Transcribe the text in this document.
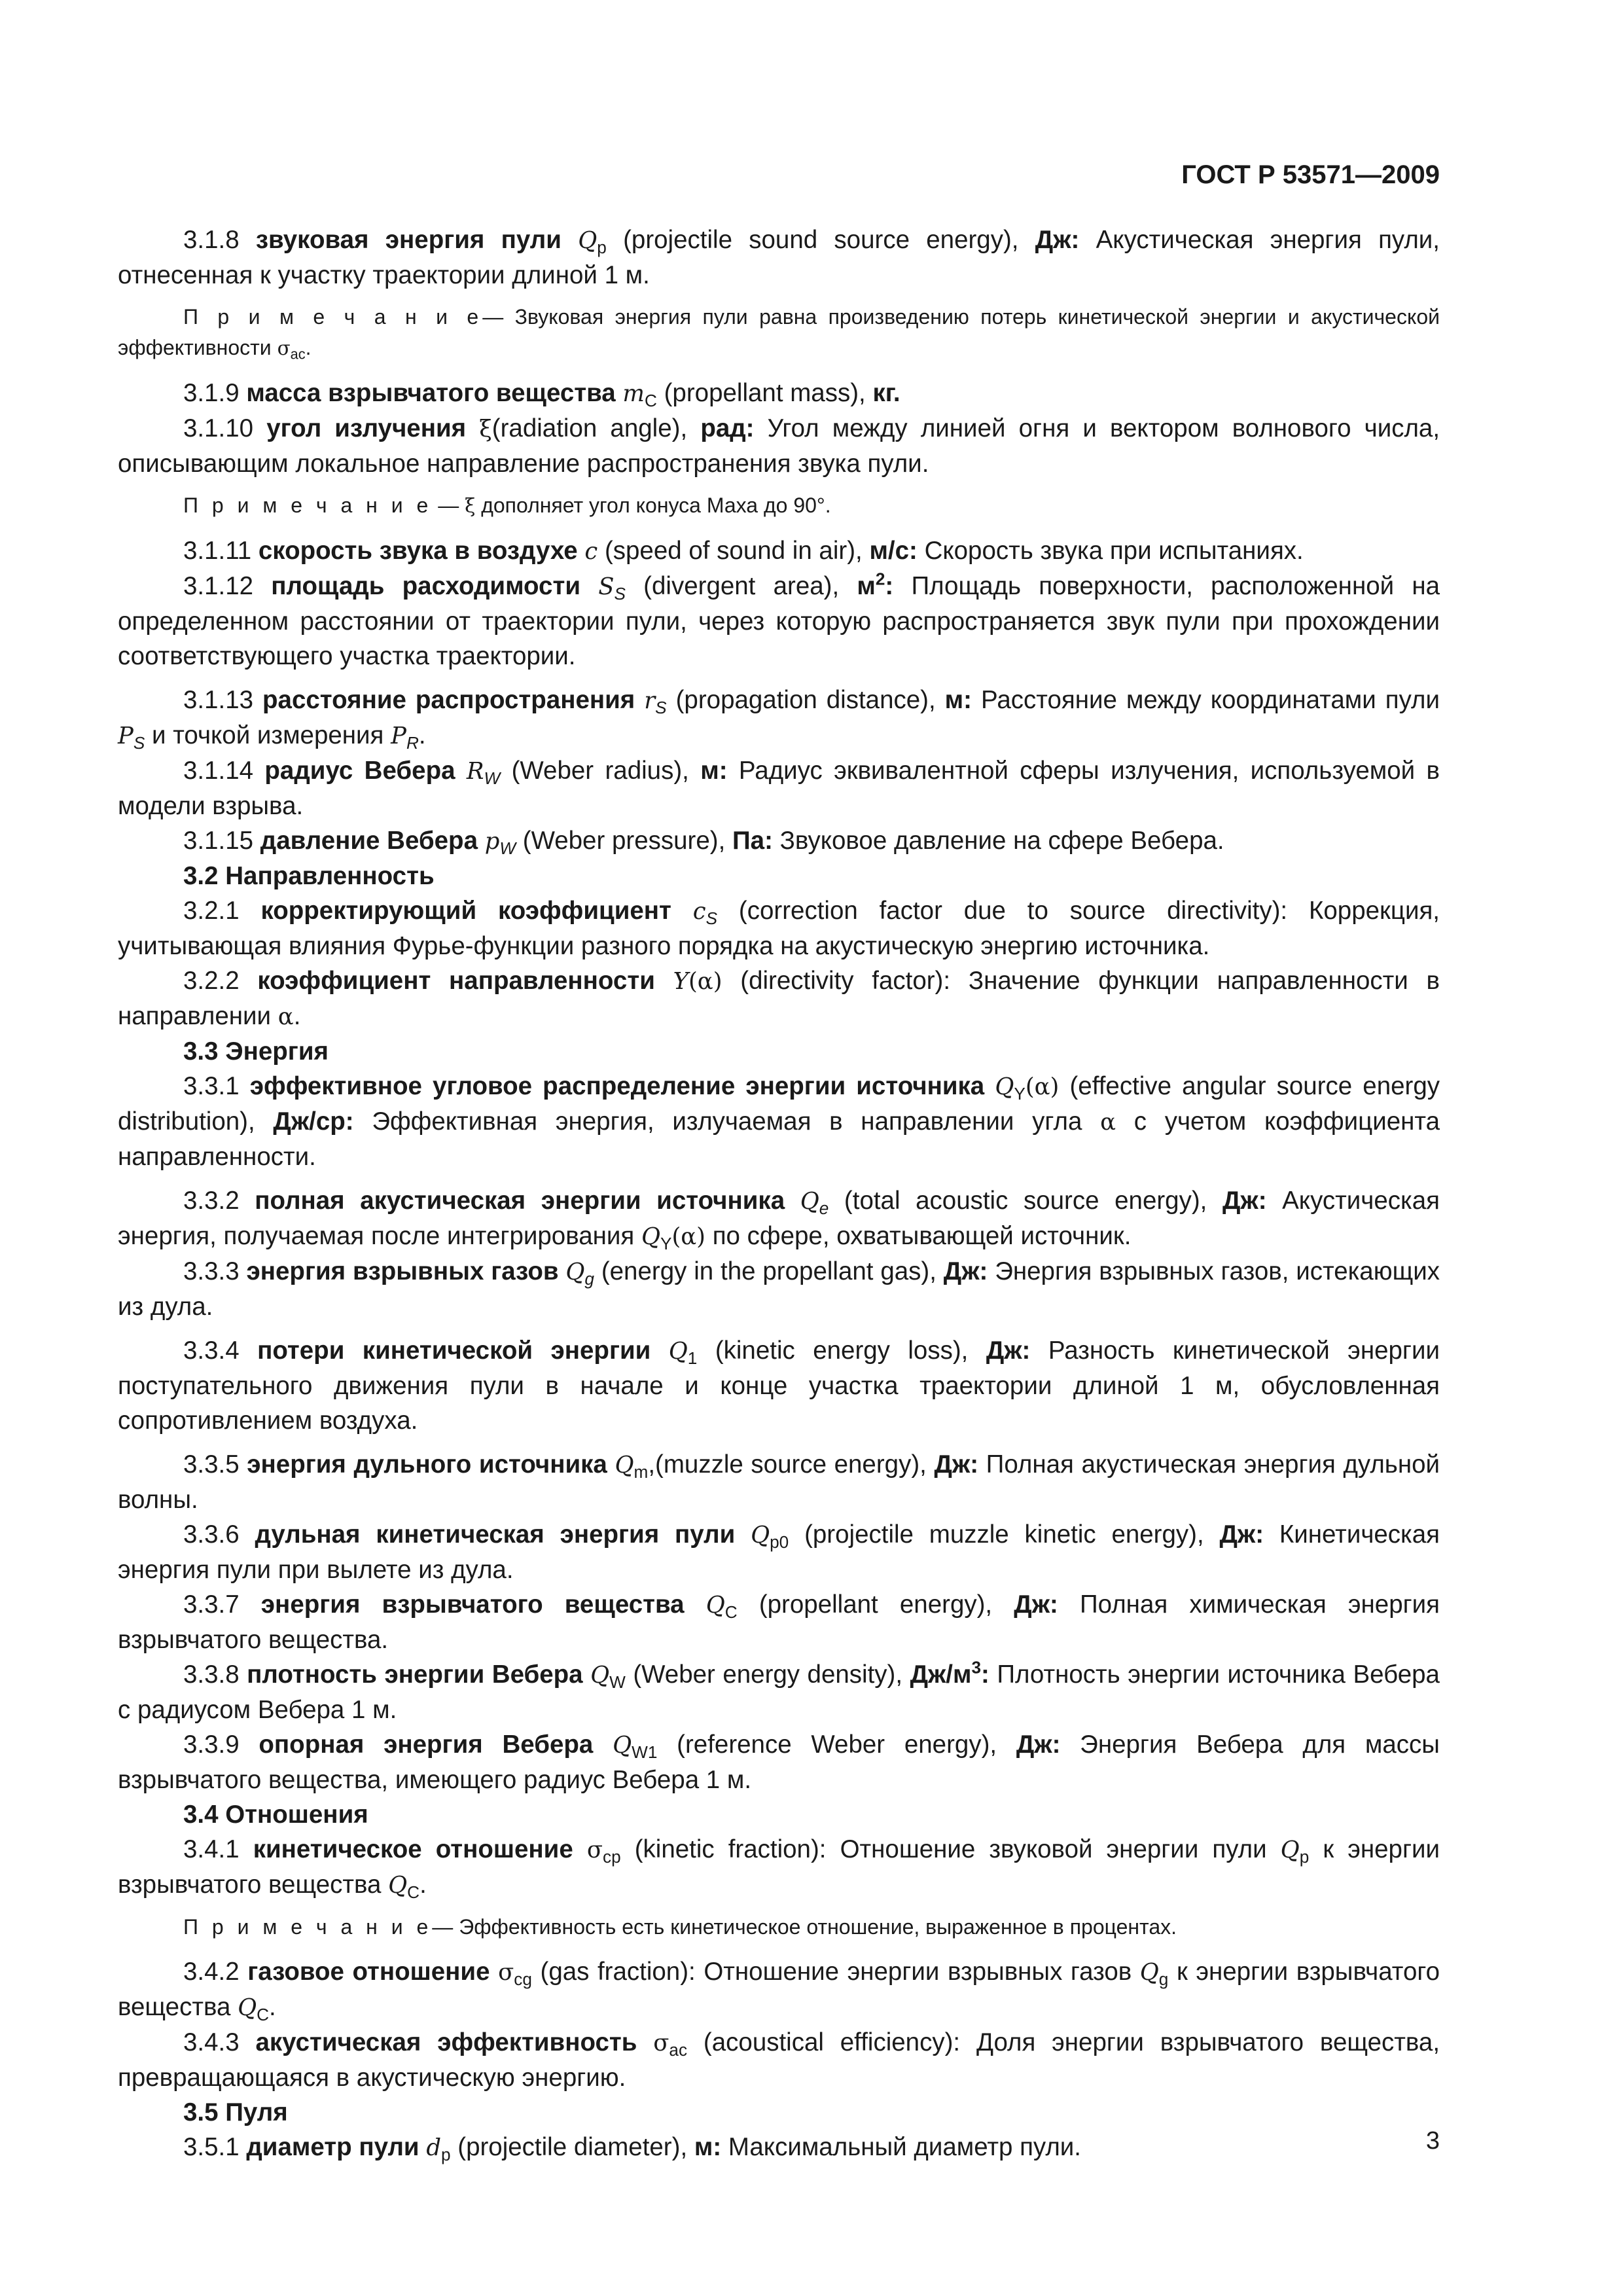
ГОСТ Р 53571—2009

3.1.8 звуковая энергия пули $Q_p$ (projectile sound source energy), Дж: Акустическая энергия пули, отнесенная к участку траектории длиной 1 м.

П р и м е ч а н и е— Звуковая энергия пули равна произведению потерь кинетической энергии и акустической эффективности $\sigma_{ac}$.

3.1.9 масса взрывчатого вещества $m_C$ (propellant mass), кг.

3.1.10 угол излучения ξ(radiation angle), рад: Угол между линией огня и вектором волнового числа, описывающим локальное направление распространения звука пули.

П р и м е ч а н и е — ξ дополняет угол конуса Маха до 90°.

3.1.11 скорость звука в воздухе c (speed of sound in air), м/с: Скорость звука при испытаниях.

3.1.12 площадь расходимости $S_S$ (divergent area), $м^2$: Площадь поверхности, расположенной на определенном расстоянии от траектории пули, через которую распространяется звук пули при прохождении соответствующего участка траектории.

3.1.13 расстояние распространения $r_S$ (propagation distance), м: Расстояние между координатами пули $P_S$ и точкой измерения $P_R$.

3.1.14 радиус Вебера $R_W$ (Weber radius), м: Радиус эквивалентной сферы излучения, используемой в модели взрыва.

3.1.15 давление Вебера $p_W$ (Weber pressure), Па: Звуковое давление на сфере Вебера.

3.2 Направленность

3.2.1 корректирующий коэффициент $c_S$ (correction factor due to source directivity): Коррекция, учитывающая влияния Фурье-функции разного порядка на акустическую энергию источника.

3.2.2 коэффициент направленности Y(α) (directivity factor): Значение функции направленности в направлении α.

3.3 Энергия

3.3.1 эффективное угловое распределение энергии источника $Q_Y(\alpha)$ (effective angular source energy distribution), Дж/ср: Эффективная энергия, излучаемая в направлении угла α с учетом коэффициента направленности.

3.3.2 полная акустическая энергии источника $Q_e$ (total acoustic source energy), Дж: Акустическая энергия, получаемая после интегрирования $Q_Y(\alpha)$ по сфере, охватывающей источник.

3.3.3 энергия взрывных газов $Q_g$ (energy in the propellant gas), Дж: Энергия взрывных газов, истекающих из дула.

3.3.4 потери кинетической энергии $Q_1$ (kinetic energy loss), Дж: Разность кинетической энергии поступательного движения пули в начале и конце участка траектории длиной 1 м, обусловленная сопротивлением воздуха.

3.3.5 энергия дульного источника $Q_m,(muzzle$ source energy), Дж: Полная акустическая энергия дульной волны.

3.3.6 дульная кинетическая энергия пули $Q_{p0}$ (projectile muzzle kinetic energy), Дж: Кинетическая энергия пули при вылете из дула.

3.3.7 энергия взрывчатого вещества $Q_C$ (propellant energy), Дж: Полная химическая энергия взрывчатого вещества.

3.3.8 плотность энергии Вебера $Q_W$ (Weber energy density), $Дж/м^3$: Плотность энергии источника Вебера с радиусом Вебера 1 м.

3.3.9 опорная энергия Вебера $Q_{W1}$ (reference Weber energy), Дж: Энергия Вебера для массы взрывчатого вещества, имеющего радиус Вебера 1 м.

3.4 Отношения

3.4.1 кинетическое отношение $\sigma_{cp}$ (kinetic fraction): Отношение звуковой энергии пули $Q_p$ к энергии взрывчатого вещества $Q_C$.

П р и м е ч а н и е— Эффективность есть кинетическое отношение, выраженное в процентах.

3.4.2 газовое отношение $\sigma_{cg}$ (gas fraction): Отношение энергии взрывных газов $Q_g$ к энергии взрывчатого вещества $Q_C$.

3.4.3 акустическая эффективность $\sigma_{ac}$ (acoustical efficiency): Доля энергии взрывчатого вещества, превращающаяся в акустическую энергию.

3.5 Пуля

3.5.1 диаметр пули $d_p$ (projectile diameter), м: Максимальный диаметр пули.	3
